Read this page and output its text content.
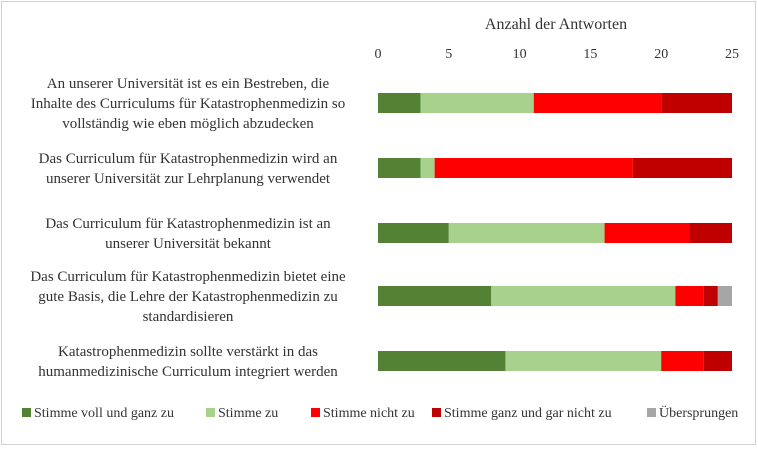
Anzahl der Antworten
0	5	10	15	20	25
An unserer Universität ist es ein Bestreben, die Inhalte des Curriculums für Katastrophenmedizin so vollständig wie eben möglich abzudecken
Das Curriculum für Katastrophenmedizin wird an unserer Universität zur Lehrplanung verwendet
Das Curriculum für Katastrophenmedizin ist an unserer Universität bekannt
Das Curriculum für Katastrophenmedizin bietet eine gute Basis, die Lehre der Katastrophenmedizin zu standardisieren
Katastrophenmedizin sollte verstärkt in das humanmedizinische Curriculum integriert werden
Stimme voll und ganz zu	Stimme zu	Stimme nicht zu Stimme ganz und gar nicht zu	Übersprungen
